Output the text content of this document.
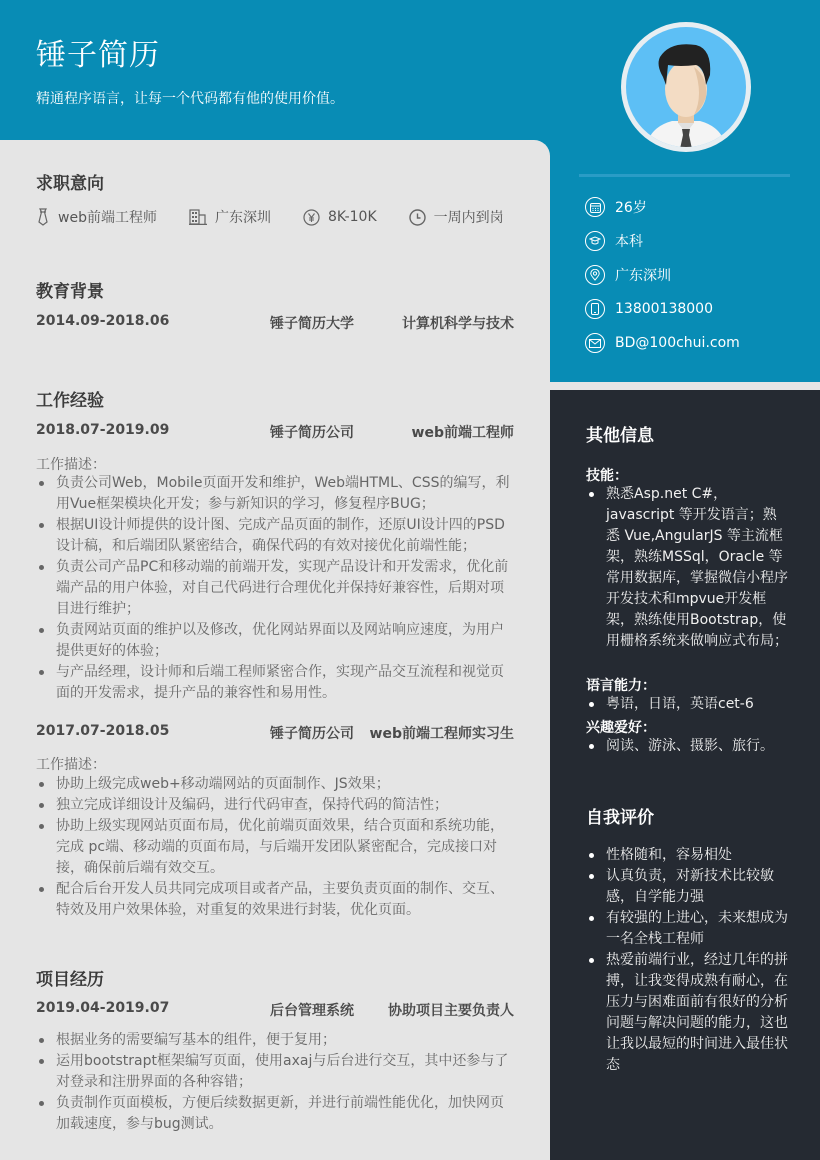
锤子简历
精通程序语言，让每一个代码都有他的使用价值。
26岁
本科
广东深圳
13800138000
BD@100chui.com
求职意向
web前端工程师	广东深圳	8K-10K	一周内到岗
教育背景
2014.09-2018.06	锤子简历大学	计算机科学与技术
工作经验
2018.07-2019.09	锤子简历公司	web前端工程师
工作描述：
负责公司Web，Mobile页面开发和维护，Web端HTML、CSS的编写，利用Vue框架模块化开发；参与新知识的学习，修复程序BUG；
根据UI设计师提供的设计图、完成产品页面的制作，还原UI设计四的PSD设计稿，和后端团队紧密结合，确保代码的有效对接优化前端性能；
负责公司产品PC和移动端的前端开发，实现产品设计和开发需求，优化前端产品的用户体验，对自己代码进行合理优化并保持好兼容性，后期对项目进行维护；
负责网站页面的维护以及修改，优化网站界面以及网站响应速度，为用户提供更好的体验；
与产品经理，设计师和后端工程师紧密合作，实现产品交互流程和视觉页面的开发需求，提升产品的兼容性和易用性。
2017.07-2018.05	锤子简历公司 web前端工程师实习生
工作描述：
协助上级完成web+移动端网站的页面制作、JS效果；
独立完成详细设计及编码，进行代码审查，保持代码的简洁性；
协助上级实现网站页面布局，优化前端页面效果，结合页面和系统功能，完成 pc端、移动端的页面布局，与后端开发团队紧密配合，完成接口对接，确保前后端有效交互。
配合后台开发人员共同完成项目或者产品，主要负责页面的制作、交互、特效及用户效果体验，对重复的效果进行封装，优化页面。
项目经历
2019.04-2019.07	后台管理系统 协助项目主要负责人
根据业务的需要编写基本的组件，便于复用；
运用bootstrapt框架编写页面，使用axaj与后台进行交互，其中还参与了对登录和注册界面的各种容错；
负责制作页面模板，方便后续数据更新，并进行前端性能优化，加快网页加载速度，参与bug测试。
其他信息
技能：
熟悉Asp.net C#，javascript 等开发语言；熟悉 Vue,AngularJS 等主流框架，熟练MSSql，Oracle 等常用数据库，掌握微信小程序开发技术和mpvue开发框架，熟练使用Bootstrap，使用栅格系统来做响应式布局；
语言能力：
粤语，日语，英语cet-6
兴趣爱好：
阅读、游泳、摄影、旅行。
自我评价
性格随和，容易相处
认真负责，对新技术比较敏感，自学能力强
有较强的上进心，未来想成为一名全栈工程师
热爱前端行业，经过几年的拼搏，让我变得成熟有耐心，在压力与困难面前有很好的分析问题与解决问题的能力，这也让我以最短的时间进入最佳状态
